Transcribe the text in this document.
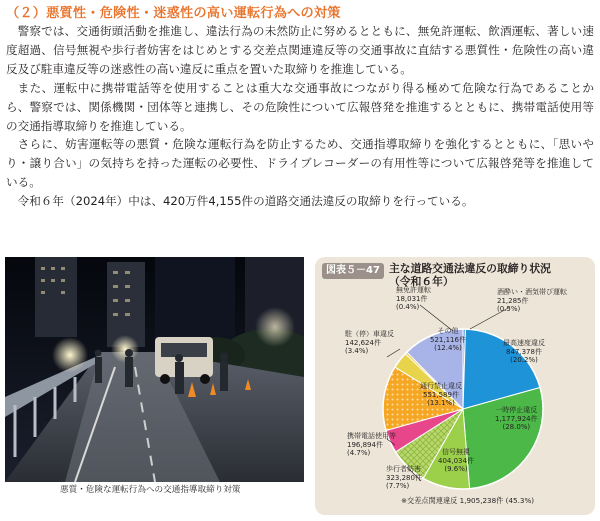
（２）悪質性・危険性・迷惑性の高い運転行為への対策

警察では、交通街頭活動を推進し、違法行為の未然防止に努めるとともに、無免許運転、飲酒運転、著しい速度超過、信号無視や歩行者妨害をはじめとする交差点関連違反等の交通事故に直結する悪質性・危険性の高い違反及び駐車違反等の迷惑性の高い違反に重点を置いた取締りを推進している。

また、運転中に携帯電話等を使用することは重大な交通事故につながり得る極めて危険な行為であることから、警察では、関係機関・団体等と連携し、その危険性について広報啓発を推進するとともに、携帯電話使用等の交通指導取締りを推進している。

さらに、妨害運転等の悪質・危険な運転行為を防止するため、交通指導取締りを強化するとともに、「思いやり・譲り合い」の気持ちを持った運転の必要性、ドライブレコーダーの有用性等について広報啓発等を推進している。

令和６年（2024年）中は、420万件4,155件の道路交通法違反の取締りを行っている。

悪質・危険な運転行為への交通指導取締り対策
図表５－47 主な道路交通法違反の取締り状況
（令和６年）
その他
521,116件
(12.4%)
最高速度違反
847,378件
(20.2%)
一時停止違反
1,177,924件
(28.0%)
信号無視
404,034件
(9.6%)
通行禁止違反
551,589件
(13.1%)
無免許運転
18,031件
(0.4%)
酒酔い・酒気帯び運転
21,285件
(0.5%)
駐（停）車違反
142,624件
(3.4%)
携帯電話使用等
196,894件
(4.7%)
歩行者妨害
323,280件
(7.7%)
※交差点関連違反 1,905,238件 (45.3%)
